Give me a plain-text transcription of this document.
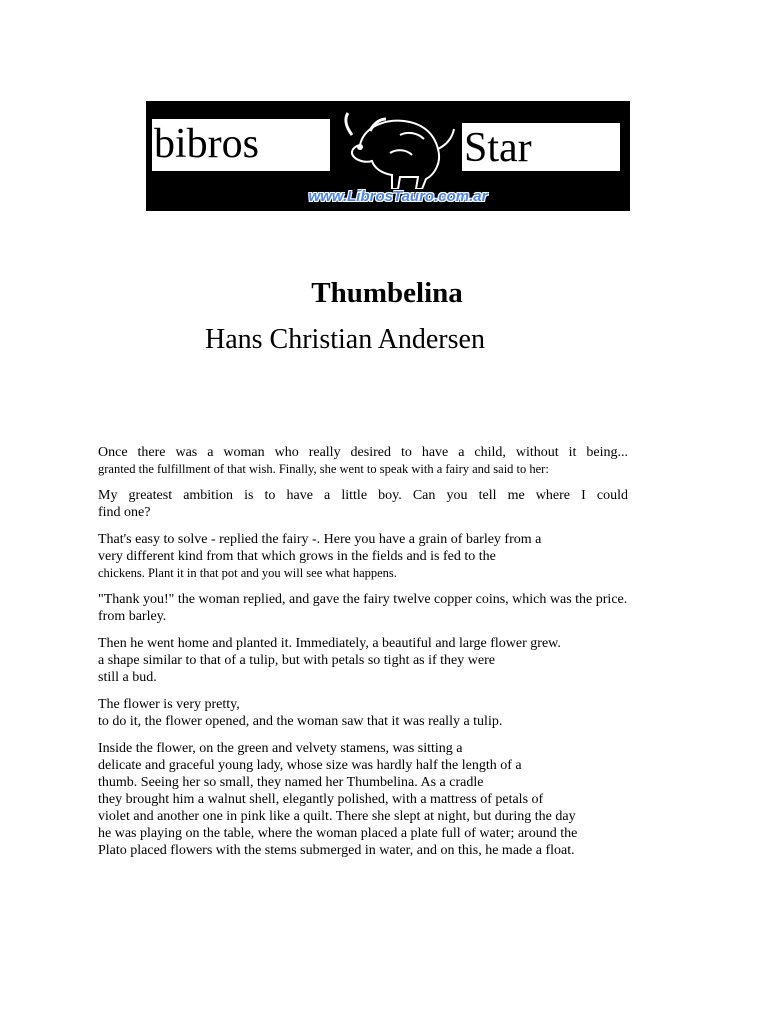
bibros	Star
www.LibrosTauro.com.ar
Thumbelina
Hans Christian Andersen
Once there was a woman who really desired to have a child, without it being...
granted the fulfillment of that wish. Finally, she went to speak with a fairy and said to her:
My greatest ambition is to have a little boy. Can you tell me where I could
find one?
That's easy to solve - replied the fairy -. Here you have a grain of barley from a
very different kind from that which grows in the fields and is fed to the
chickens. Plant it in that pot and you will see what happens.
"Thank you!" the woman replied, and gave the fairy twelve copper coins, which was the price.
from barley.
Then he went home and planted it. Immediately, a beautiful and large flower grew.
a shape similar to that of a tulip, but with petals so tight as if they were
still a bud.
The flower is very pretty,
to do it, the flower opened, and the woman saw that it was really a tulip.
Inside the flower, on the green and velvety stamens, was sitting a
delicate and graceful young lady, whose size was hardly half the length of a
thumb. Seeing her so small, they named her Thumbelina. As a cradle
they brought him a walnut shell, elegantly polished, with a mattress of petals of
violet and another one in pink like a quilt. There she slept at night, but during the day
he was playing on the table, where the woman placed a plate full of water; around the
Plato placed flowers with the stems submerged in water, and on this, he made a float.
